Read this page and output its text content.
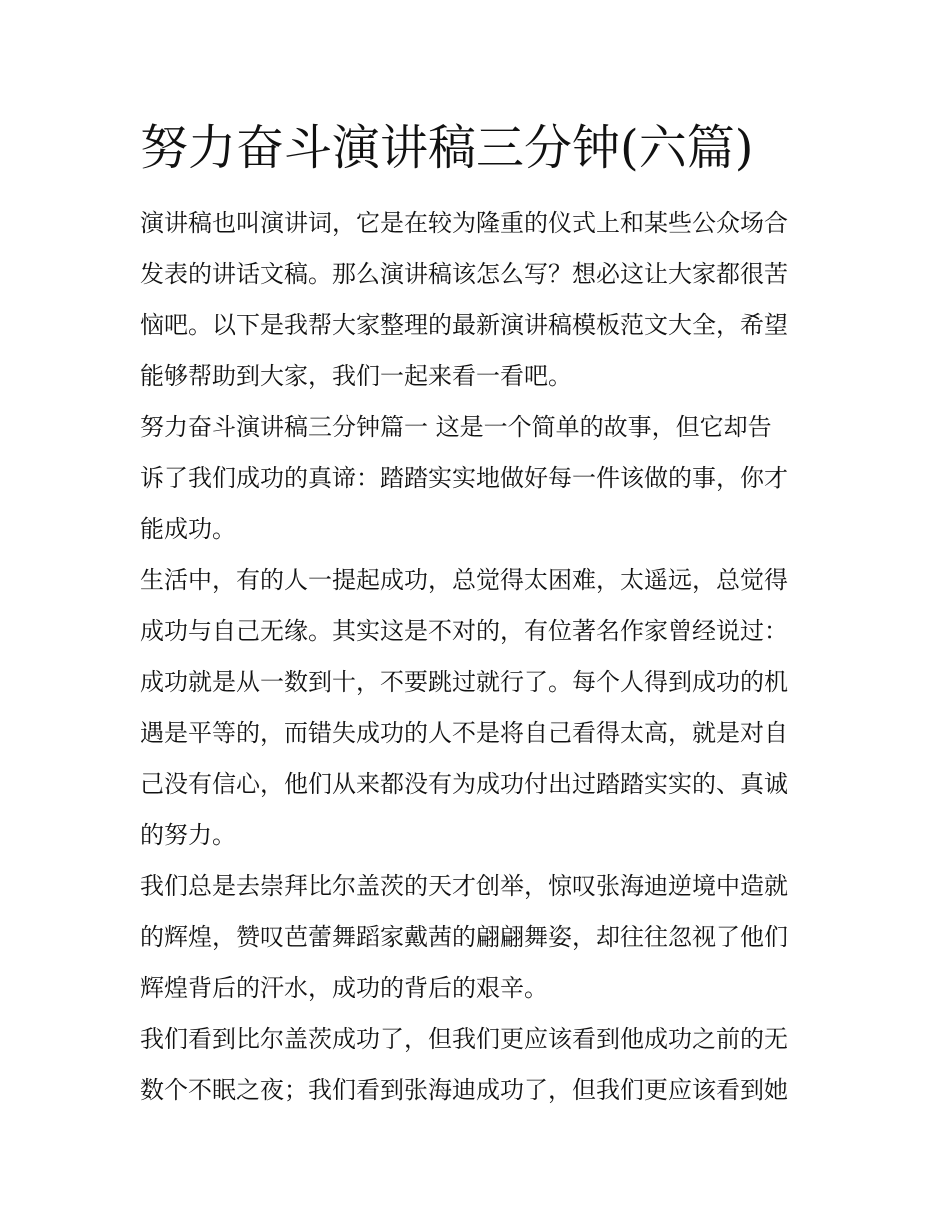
努力奋斗演讲稿三分钟(六篇)

演讲稿也叫演讲词，它是在较为隆重的仪式上和某些公众场合
发表的讲话文稿。那么演讲稿该怎么写？想必这让大家都很苦
恼吧。以下是我帮大家整理的最新演讲稿模板范文大全，希望
能够帮助到大家，我们一起来看一看吧。

努力奋斗演讲稿三分钟篇一 这是一个简单的故事，但它却告
诉了我们成功的真谛：踏踏实实地做好每一件该做的事，你才
能成功。

生活中，有的人一提起成功，总觉得太困难，太遥远，总觉得
成功与自己无缘。其实这是不对的，有位著名作家曾经说过：
成功就是从一数到十，不要跳过就行了。每个人得到成功的机
遇是平等的，而错失成功的人不是将自己看得太高，就是对自
己没有信心，他们从来都没有为成功付出过踏踏实实的、真诚
的努力。

我们总是去崇拜比尔盖茨的天才创举，惊叹张海迪逆境中造就
的辉煌，赞叹芭蕾舞蹈家戴茜的翩翩舞姿，却往往忽视了他们
辉煌背后的汗水，成功的背后的艰辛。

我们看到比尔盖茨成功了，但我们更应该看到他成功之前的无
数个不眠之夜；我们看到张海迪成功了，但我们更应该看到她
